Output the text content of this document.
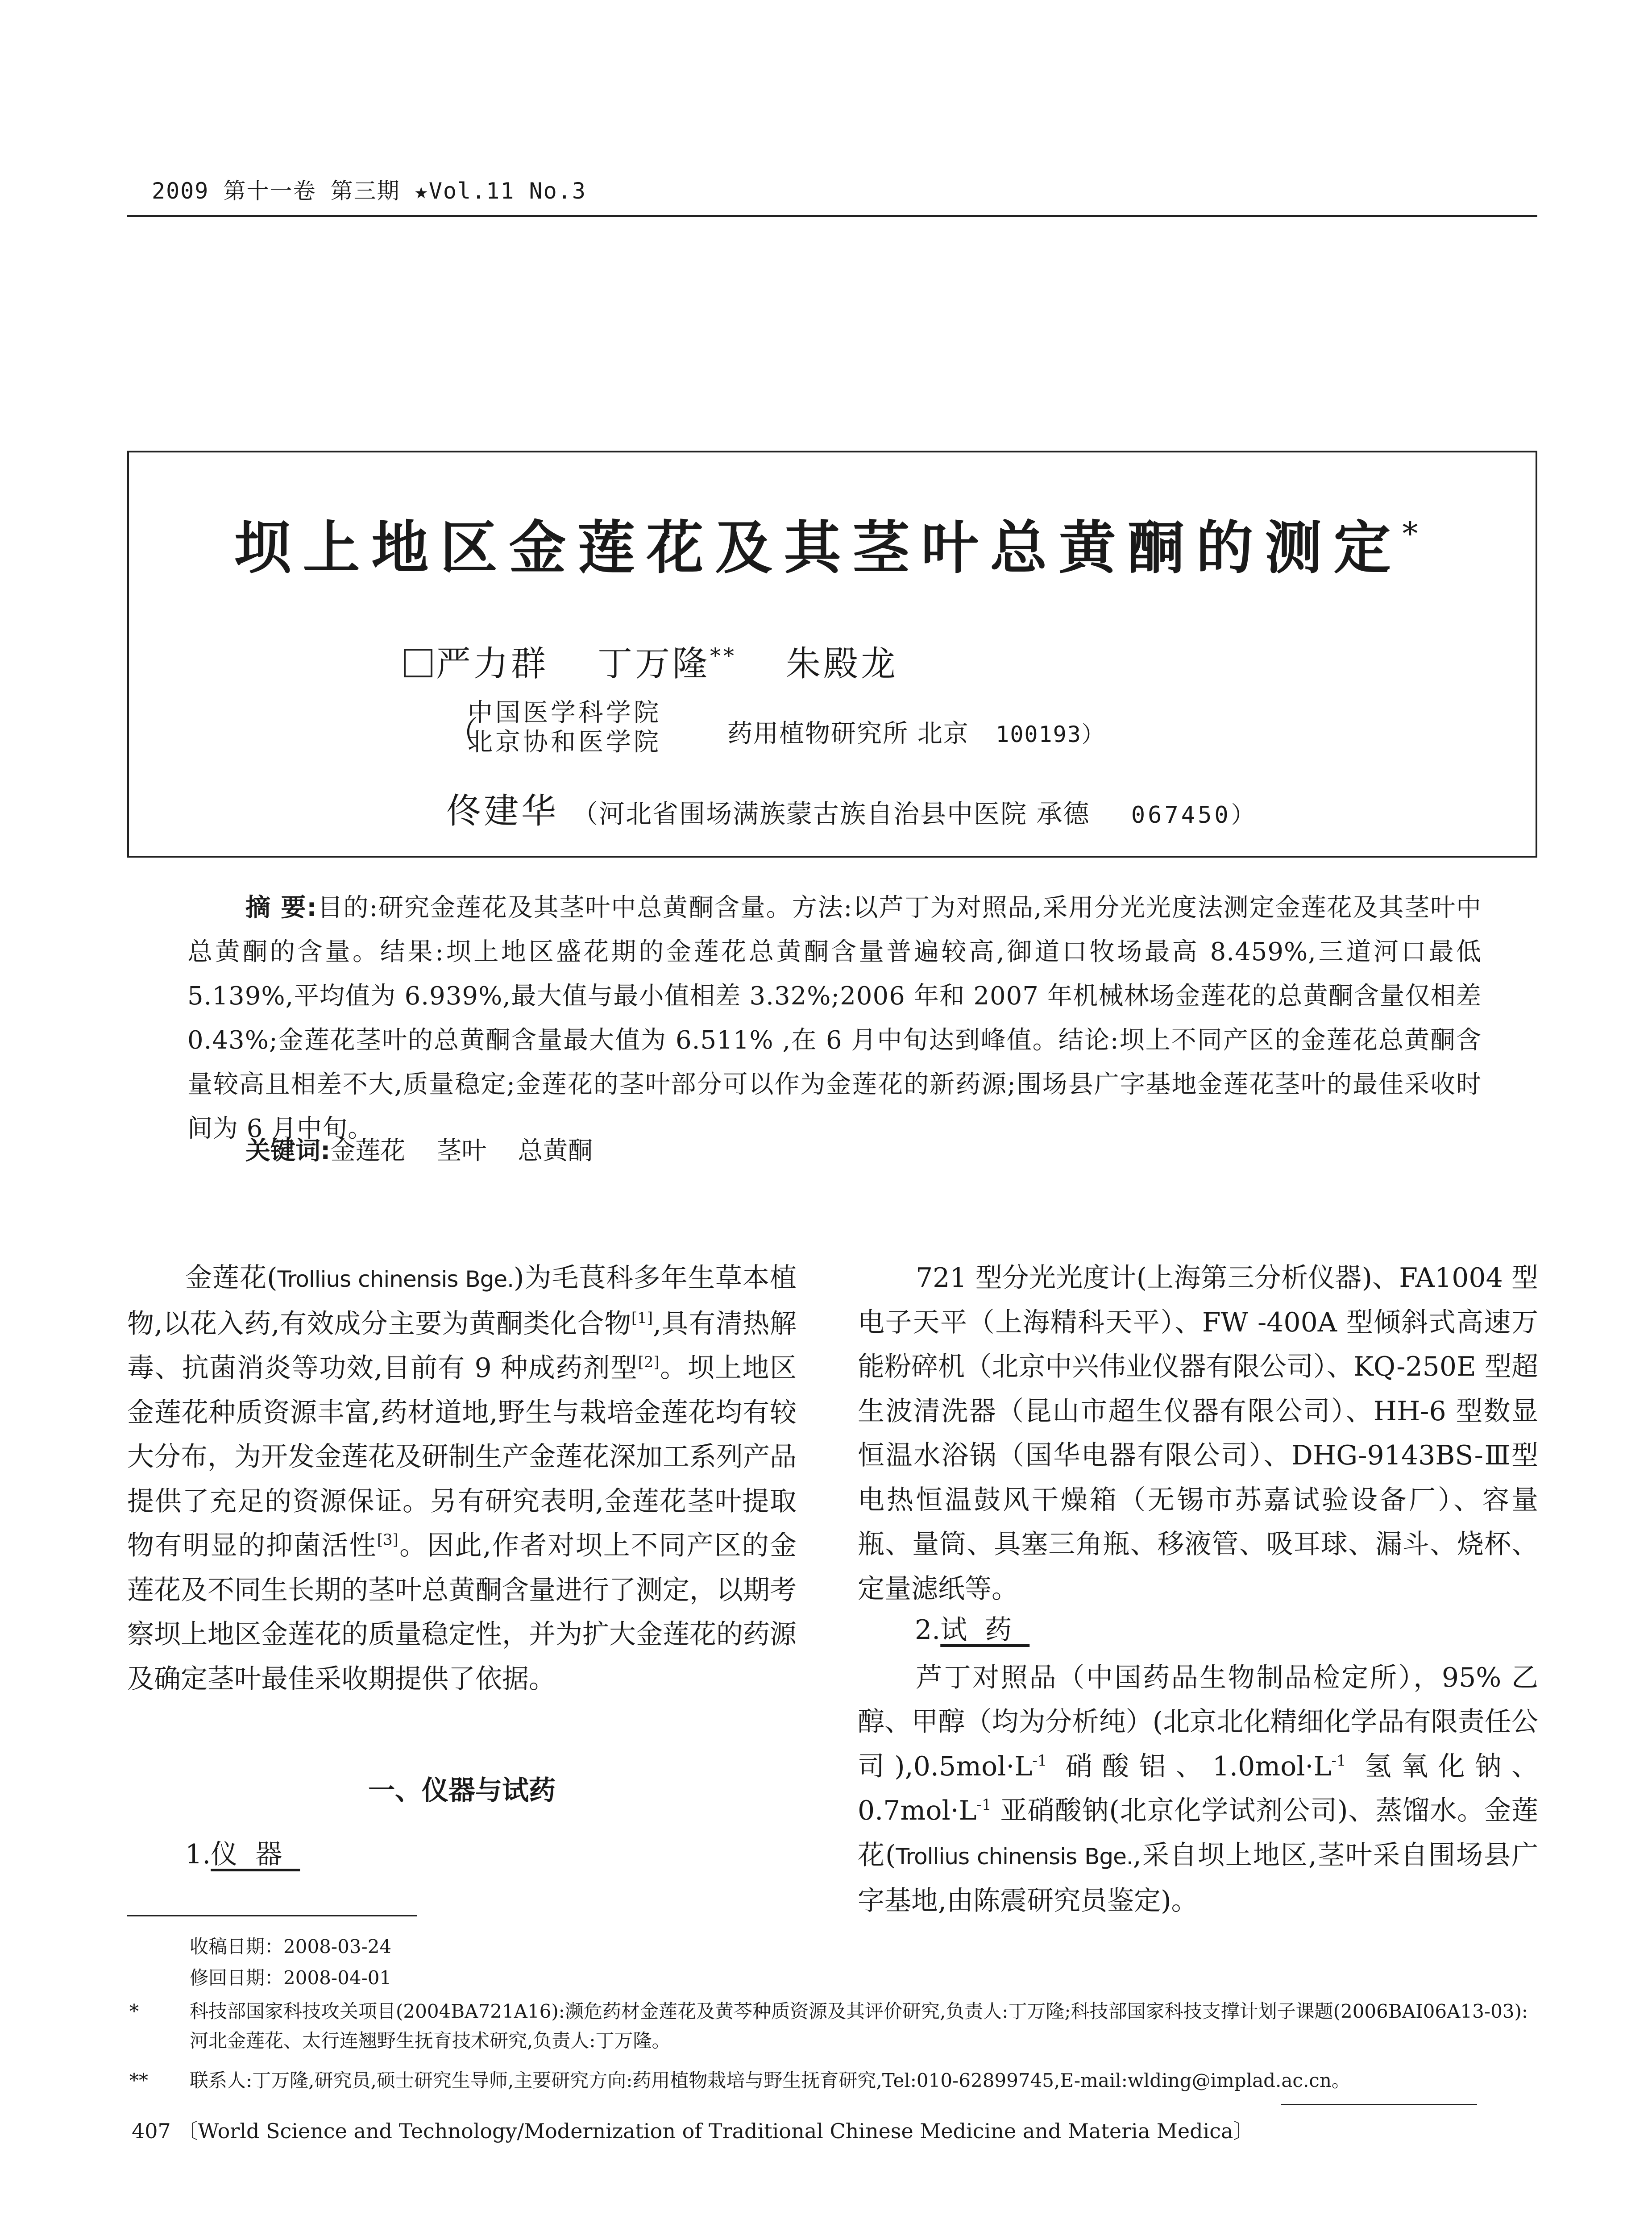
2009 第十一卷 第三期 ★Vol.11 No.3
坝上地区金莲花及其茎叶总黄酮的测定*
严力群 丁万隆** 朱殿龙
（
中国医学科学院
北京协和医学院	药用植物研究所 北京 100193）
佟建华 （河北省围场满族蒙古族自治县中医院 承德 067450）

摘 要:目的:研究金莲花及其茎叶中总黄酮含量。方法:以芦丁为对照品,采用分光光度法测定金莲花及其茎叶中总黄酮的含量。结果:坝上地区盛花期的金莲花总黄酮含量普遍较高,御道口牧场最高 8.459%,三道河口最低 5.139%,平均值为 6.939%,最大值与最小值相差 3.32%;2006 年和 2007 年机械林场金莲花的总黄酮含量仅相差 0.43%;金莲花茎叶的总黄酮含量最大值为 6.511% ,在 6 月中旬达到峰值。结论:坝上不同产区的金莲花总黄酮含量较高且相差不大,质量稳定;金莲花的茎叶部分可以作为金莲花的新药源;围场县广字基地金莲花茎叶的最佳采收时间为 6 月中旬。

关键词:金莲花 茎叶 总黄酮

金莲花(Trollius chinensis Bge.)为毛茛科多年生草本植物,以花入药,有效成分主要为黄酮类化合物[1],具有清热解毒、抗菌消炎等功效,目前有 9 种成药剂型[2]。坝上地区金莲花种质资源丰富,药材道地,野生与栽培金莲花均有较大分布，为开发金莲花及研制生产金莲花深加工系列产品提供了充足的资源保证。另有研究表明,金莲花茎叶提取物有明显的抑菌活性[3]。因此,作者对坝上不同产区的金莲花及不同生长期的茎叶总黄酮含量进行了测定，以期考察坝上地区金莲花的质量稳定性，并为扩大金莲花的药源及确定茎叶最佳采收期提供了依据。

一、仪器与试药
1.仪器

721 型分光光度计(上海第三分析仪器)、FA1004 型电子天平（上海精科天平）、FW -400A 型倾斜式高速万能粉碎机（北京中兴伟业仪器有限公司）、KQ-250E 型超生波清洗器（昆山市超生仪器有限公司）、HH-6 型数显恒温水浴锅（国华电器有限公司）、DHG-9143BS-Ⅲ型电热恒温鼓风干燥箱（无锡市苏嘉试验设备厂）、容量瓶、量筒、具塞三角瓶、移液管、吸耳球、漏斗、烧杯、定量滤纸等。

芦丁对照品（中国药品生物制品检定所），95% 乙醇、甲醇（均为分析纯）(北京北化精细化学品有限责任公司)$,0.5mol\cdot L^{-1}$ 硝酸铝、$1.0mol\cdot L^{-1}$ 氢氧化钠、$0.7mol\cdot L^{-1}$ 亚硝酸钠(北京化学试剂公司)、蒸馏水。金莲花(Trollius chinensis Bge.,采自坝上地区,茎叶采自围场县广字基地,由陈震研究员鉴定)。

2.试药
收稿日期：2008-03-24
修回日期：2008-04-01
*	科技部国家科技攻关项目(2004BA721A16):濒危药材金莲花及黄芩种质资源及其评价研究,负责人:丁万隆;科技部国家科技支撑计划子课题(2006BAI06A13-03):河北金莲花、太行连翘野生抚育技术研究,负责人:丁万隆。
** 联系人:丁万隆,研究员,硕士研究生导师,主要研究方向:药用植物栽培与野生抚育研究,Tel:010-62899745,E-mail:wlding@implad.ac.cn。
407 〔World Science and Technology/Modernization of Traditional Chinese Medicine and Materia Medica〕
